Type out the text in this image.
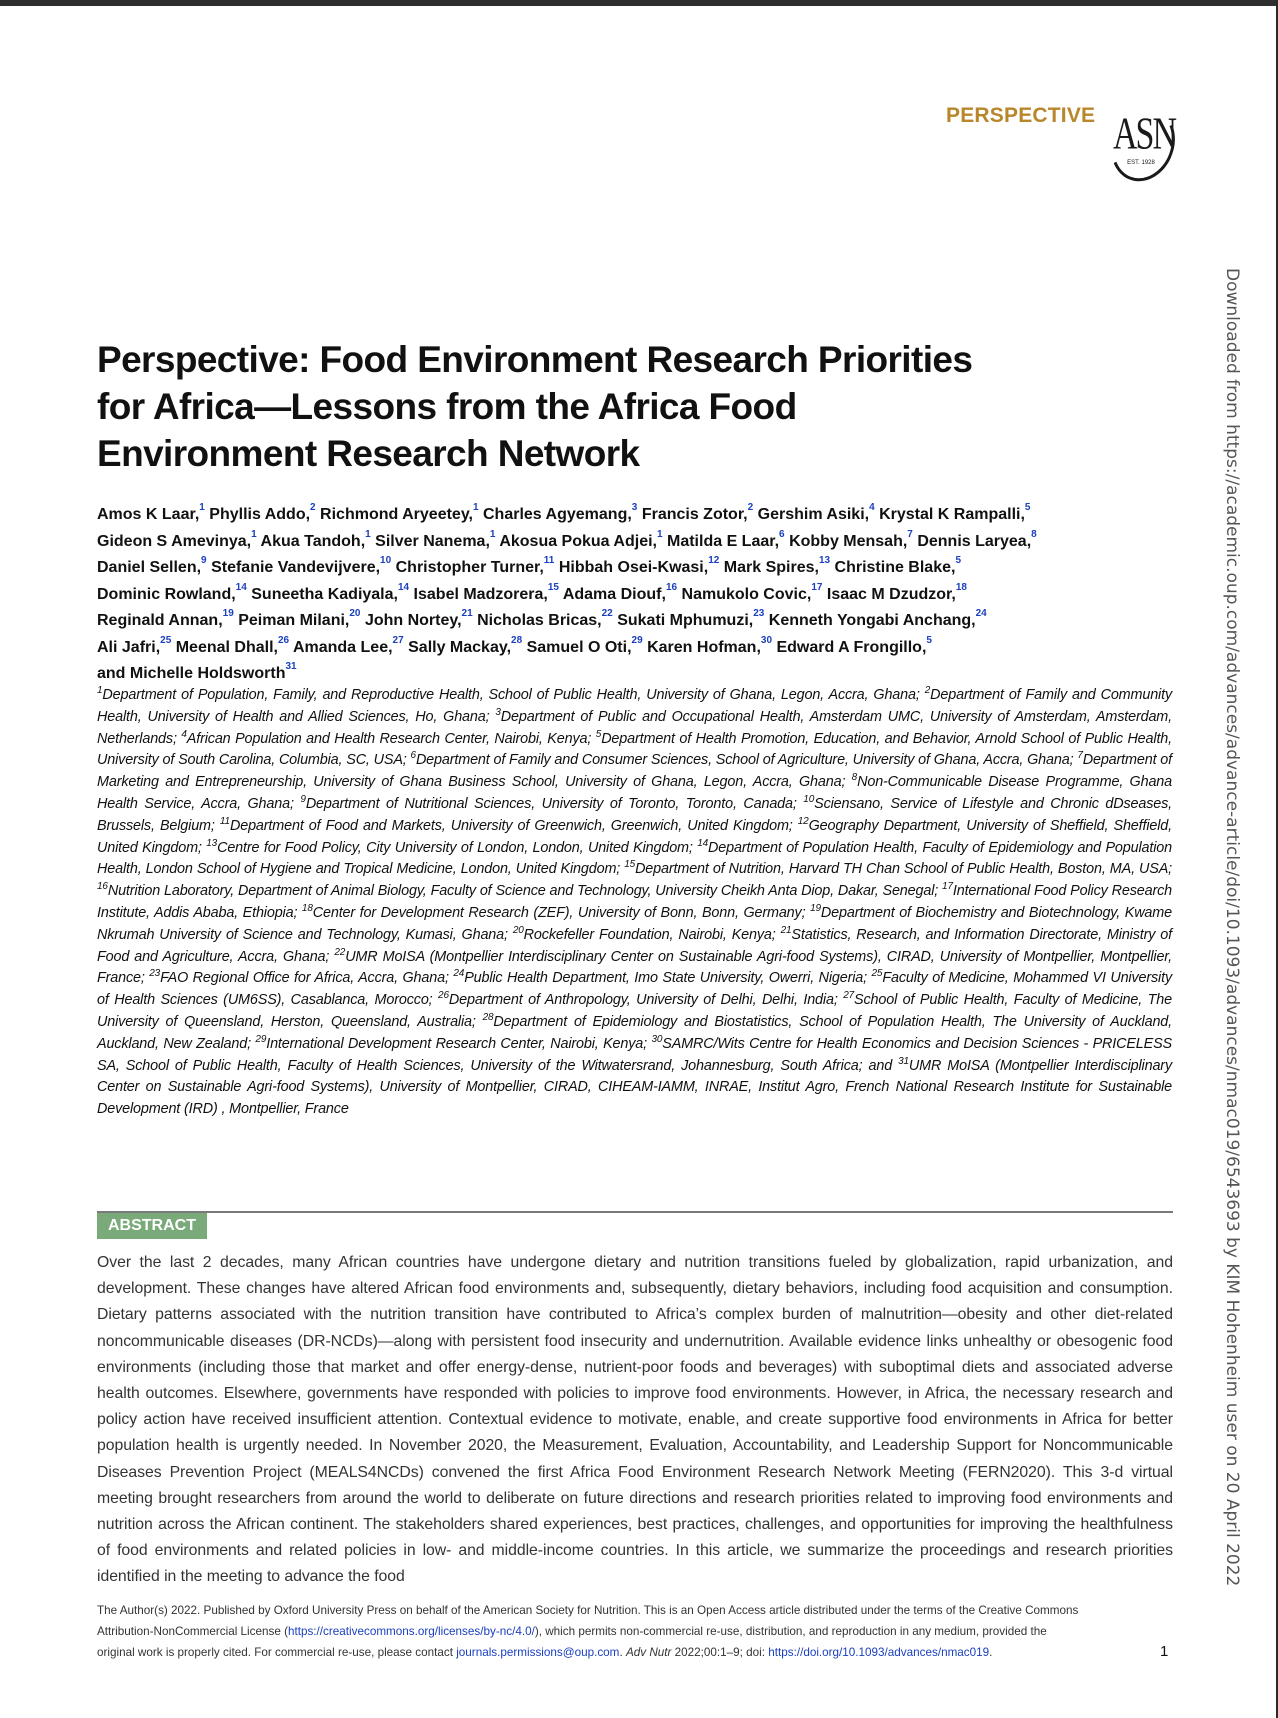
PERSPECTIVE ASN
EST. 1928
Downloaded from https://academic.oup.com/advances/advance-article/doi/10.1093/advances/nmac019/6543693 by KIM Hohenheim user on 20 April 2022
Perspective: Food Environment Research Priorities
for Africa—Lessons from the Africa Food
Environment Research Network
Amos K Laar,$^1$ Phyllis Addo,$^2$ Richmond Aryeetey,$^1$ Charles Agyemang,$^3$ Francis Zotor,$^2$ Gershim Asiki,$^4$ Krystal K Rampalli,$^5$
Gideon S Amevinya,$^1$ Akua Tandoh,$^1$ Silver Nanema,$^1$ Akosua Pokua Adjei,$^1$ Matilda E Laar,$^6$ Kobby Mensah,$^7$ Dennis Laryea,$^8$
Daniel Sellen,$^9$ Stefanie Vandevijvere,$^{10}$ Christopher Turner,$^{11}$ Hibbah Osei-Kwasi,$^{12}$ Mark Spires,$^{13}$ Christine Blake,$^5$
Dominic Rowland,$^{14}$ Suneetha Kadiyala,$^{14}$ Isabel Madzorera,$^{15}$ Adama Diouf,$^{16}$ Namukolo Covic,$^{17}$ Isaac M Dzudzor,$^{18}$
Reginald Annan,$^{19}$ Peiman Milani,$^{20}$ John Nortey,$^{21}$ Nicholas Bricas,$^{22}$ Sukati Mphumuzi,$^{23}$ Kenneth Yongabi Anchang,$^{24}$
Ali Jafri,$^{25}$ Meenal Dhall,$^{26}$ Amanda Lee,$^{27}$ Sally Mackay,$^{28}$ Samuel O Oti,$^{29}$ Karen Hofman,$^{30}$ Edward A Frongillo,$^5$
and Michelle Holdsworth$^{31}$
$^1$Department of Population, Family, and Reproductive Health, School of Public Health, University of Ghana, Legon, Accra, Ghana; $^2$Department of Family and Community Health, University of Health and Allied Sciences, Ho, Ghana; $^3$Department of Public and Occupational Health, Amsterdam UMC, University of Amsterdam, Amsterdam, Netherlands; $^4$African Population and Health Research Center, Nairobi, Kenya; $^5$Department of Health Promotion, Education, and Behavior, Arnold School of Public Health, University of South Carolina, Columbia, SC, USA; $^6$Department of Family and Consumer Sciences, School of Agriculture, University of Ghana, Accra, Ghana; $^7$Department of Marketing and Entrepreneurship, University of Ghana Business School, University of Ghana, Legon, Accra, Ghana; $^8$Non-Communicable Disease Programme, Ghana Health Service, Accra, Ghana; $^9$Department of Nutritional Sciences, University of Toronto, Toronto, Canada; $^{10}$Sciensano, Service of Lifestyle and Chronic dDseases, Brussels, Belgium; $^{11}$Department of Food and Markets, University of Greenwich, Greenwich, United Kingdom; $^{12}$Geography Department, University of Sheffield, Sheffield, United Kingdom; $^{13}$Centre for Food Policy, City University of London, London, United Kingdom; $^{14}$Department of Population Health, Faculty of Epidemiology and Population Health, London School of Hygiene and Tropical Medicine, London, United Kingdom; $^{15}$Department of Nutrition, Harvard TH Chan School of Public Health, Boston, MA, USA; $^{16}$Nutrition Laboratory, Department of Animal Biology, Faculty of Science and Technology, University Cheikh Anta Diop, Dakar, Senegal; $^{17}$International Food Policy Research Institute, Addis Ababa, Ethiopia; $^{18}$Center for Development Research (ZEF), University of Bonn, Bonn, Germany; $^{19}$Department of Biochemistry and Biotechnology, Kwame Nkrumah University of Science and Technology, Kumasi, Ghana; $^{20}$Rockefeller Foundation, Nairobi, Kenya; $^{21}$Statistics, Research, and Information Directorate, Ministry of Food and Agriculture, Accra, Ghana; $^{22}$UMR MoISA (Montpellier Interdisciplinary Center on Sustainable Agri-food Systems), CIRAD, University of Montpellier, Montpellier, France; $^{23}$FAO Regional Office for Africa, Accra, Ghana; $^{24}$Public Health Department, Imo State University, Owerri, Nigeria; $^{25}$Faculty of Medicine, Mohammed VI University of Health Sciences (UM6SS), Casablanca, Morocco; $^{26}$Department of Anthropology, University of Delhi, Delhi, India; $^{27}$School of Public Health, Faculty of Medicine, The University of Queensland, Herston, Queensland, Australia; $^{28}$Department of Epidemiology and Biostatistics, School of Population Health, The University of Auckland, Auckland, New Zealand; $^{29}$International Development Research Center, Nairobi, Kenya; $^{30}$SAMRC/Wits Centre for Health Economics and Decision Sciences - PRICELESS SA, School of Public Health, Faculty of Health Sciences, University of the Witwatersrand, Johannesburg, South Africa; and $^{31}$UMR MoISA (Montpellier Interdisciplinary Center on Sustainable Agri-food Systems), University of Montpellier, CIRAD, CIHEAM-IAMM, INRAE, Institut Agro, French National Research Institute for Sustainable Development (IRD) , Montpellier, France
ABSTRACT
Over the last 2 decades, many African countries have undergone dietary and nutrition transitions fueled by globalization, rapid urbanization, and development. These changes have altered African food environments and, subsequently, dietary behaviors, including food acquisition and consumption. Dietary patterns associated with the nutrition transition have contributed to Africa’s complex burden of malnutrition—obesity and other diet-related noncommunicable diseases (DR-NCDs)—along with persistent food insecurity and undernutrition. Available evidence links unhealthy or obesogenic food environments (including those that market and offer energy-dense, nutrient-poor foods and beverages) with suboptimal diets and associated adverse health outcomes. Elsewhere, governments have responded with policies to improve food environments. However, in Africa, the necessary research and policy action have received insufficient attention. Contextual evidence to motivate, enable, and create supportive food environments in Africa for better population health is urgently needed. In November 2020, the Measurement, Evaluation, Accountability, and Leadership Support for Noncommunicable Diseases Prevention Project (MEALS4NCDs) convened the first Africa Food Environment Research Network Meeting (FERN2020). This 3-d virtual meeting brought researchers from around the world to deliberate on future directions and research priorities related to improving food environments and nutrition across the African continent. The stakeholders shared experiences, best practices, challenges, and opportunities for improving the healthfulness of food environments and related policies in low- and middle-income countries. In this article, we summarize the proceedings and research priorities identified in the meeting to advance the food
The Author(s) 2022. Published by Oxford University Press on behalf of the American Society for Nutrition. This is an Open Access article distributed under the terms of the Creative Commons
Attribution-NonCommercial License (https://creativecommons.org/licenses/by-nc/4.0/), which permits non-commercial re-use, distribution, and reproduction in any medium, provided the
original work is properly cited. For commercial re-use, please contact journals.permissions@oup.com. Adv Nutr 2022;00:1–9; doi: https://doi.org/10.1093/advances/nmac019.	1
